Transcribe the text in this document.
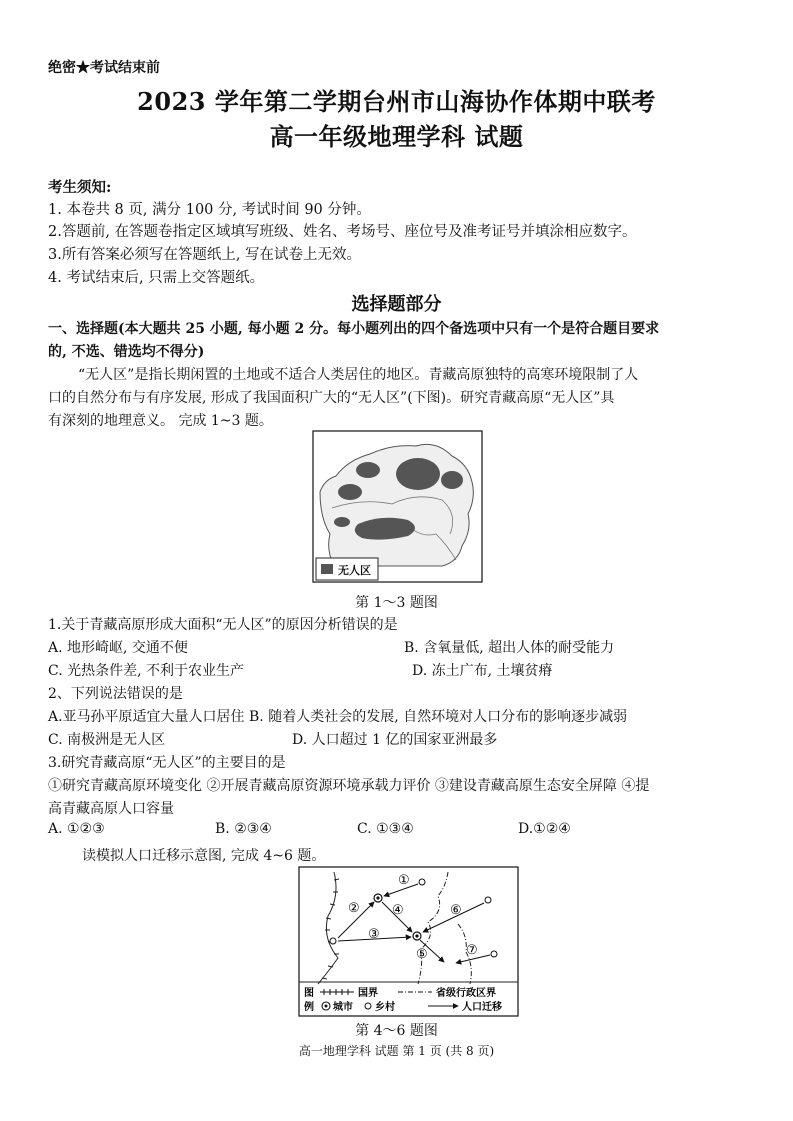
绝密★考试结束前
2023 学年第二学期台州市山海协作体期中联考
高一年级地理学科 试题
考生须知:
1. 本卷共 8 页, 满分 100 分, 考试时间 90 分钟。
2.答题前, 在答题卷指定区域填写班级、姓名、考场号、座位号及准考证号并填涂相应数字。
3.所有答案必须写在答题纸上, 写在试卷上无效。
4. 考试结束后, 只需上交答题纸。
选择题部分
一、选择题(本大题共 25 小题, 每小题 2 分。每小题列出的四个备选项中只有一个是符合题目要求
的, 不选、错选均不得分)
“无人区”是指长期闲置的土地或不适合人类居住的地区。青藏高原独特的高寒环境限制了人
口的自然分布与有序发展, 形成了我国面积广大的“无人区”(下图)。研究青藏高原“无人区”具
有深刻的地理意义。 完成 1~3 题。
无人区
第 1～3 题图
1.关于青藏高原形成大面积“无人区”的原因分析错误的是
A. 地形崎岖, 交通不便	B. 含氧量低, 超出人体的耐受能力
C. 光热条件差, 不利于农业生产	D. 冻土广布, 土壤贫瘠
2、下列说法错误的是
A.亚马孙平原适宜大量人口居住 B. 随着人类社会的发展, 自然环境对人口分布的影响逐步减弱
C. 南极洲是无人区	D. 人口超过 1 亿的国家亚洲最多
3.研究青藏高原“无人区”的主要目的是
①研究青藏高原环境变化 ②开展青藏高原资源环境承载力评价 ③建设青藏高原生态安全屏障 ④提
高青藏高原人口容量
A. ①②③	B. ②③④	C. ①③④	D.①②④
读模拟人口迁移示意图, 完成 4~6 题。
①
②
③
④
⑤
⑥
⑦
图
例
国界	省级行政区界
城市 乡村	人口迁移
第 4～6 题图
高一地理学科 试题 第 1 页 (共 8 页)
